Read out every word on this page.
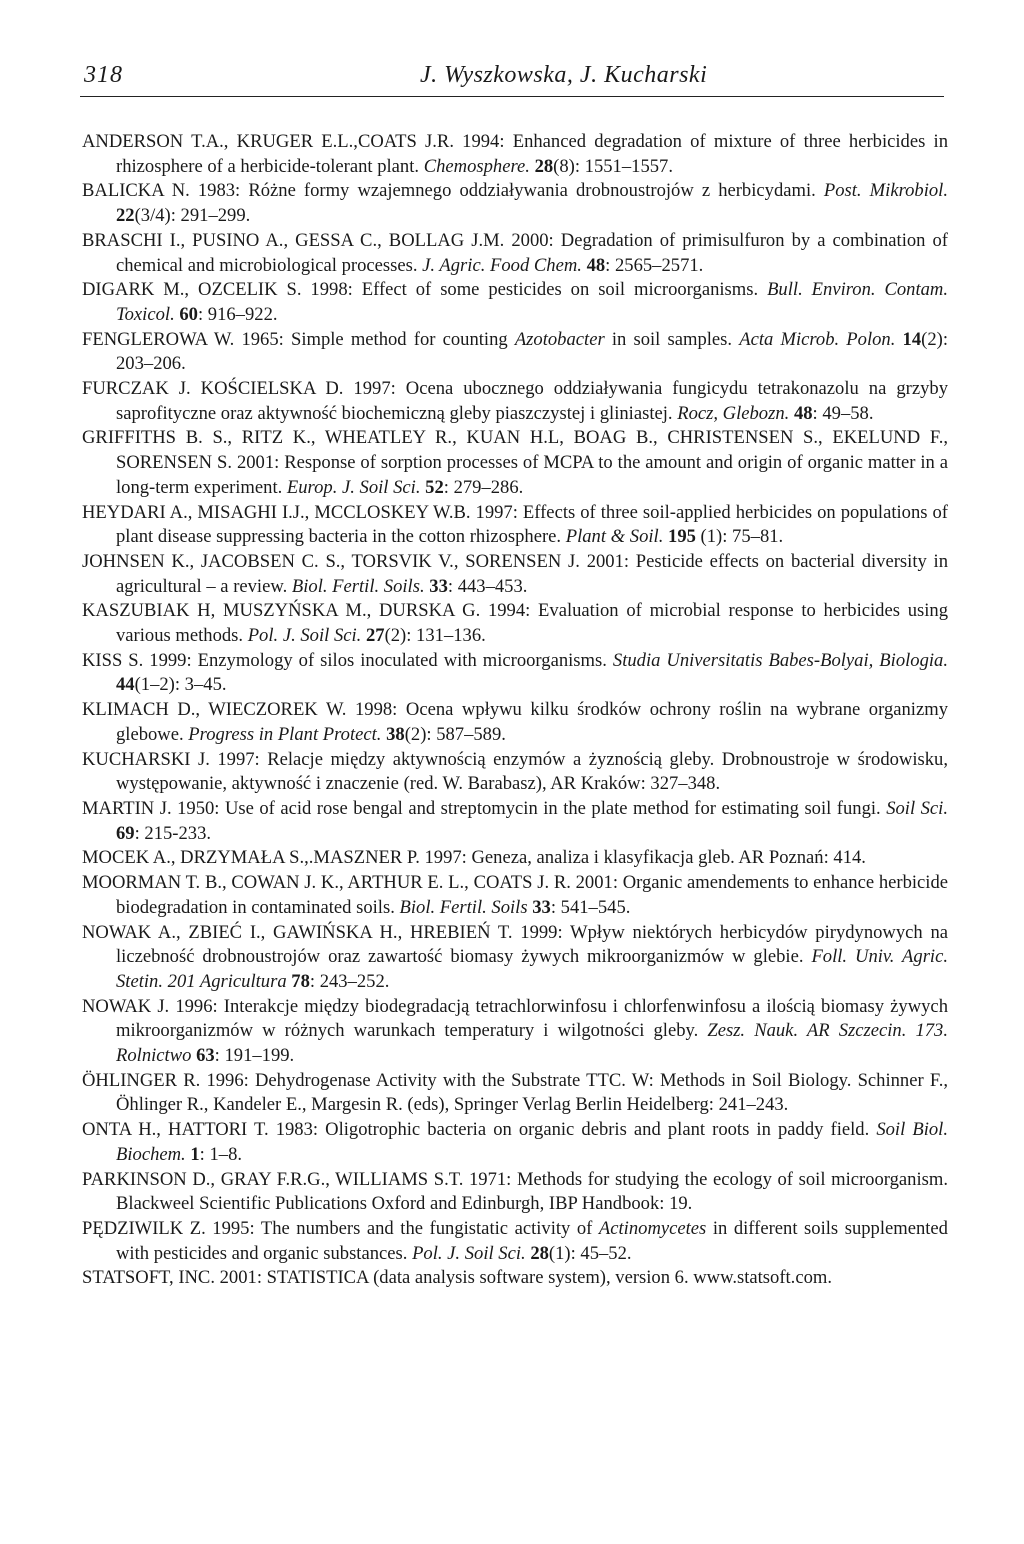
318	J. Wyszkowska, J. Kucharski
ANDERSON T.A., KRUGER E.L.,COATS J.R. 1994: Enhanced degradation of mixture of three herbicides in rhizosphere of a herbicide-tolerant plant. Chemosphere. 28(8): 1551–1557.
BALICKA N. 1983: Różne formy wzajemnego oddziaływania drobnoustrojów z herbicydami. Post. Mikrobiol. 22(3/4): 291–299.
BRASCHI I., PUSINO A., GESSA C., BOLLAG J.M. 2000: Degradation of primisulfuron by a combination of chemical and microbiological processes. J. Agric. Food Chem. 48: 2565–2571.
DIGARK M., OZCELIK S. 1998: Effect of some pesticides on soil microorganisms. Bull. Environ. Contam. Toxicol. 60: 916–922.
FENGLEROWA W. 1965: Simple method for counting Azotobacter in soil samples. Acta Microb. Polon. 14(2): 203–206.
FURCZAK J. KOŚCIELSKA D. 1997: Ocena ubocznego oddziaływania fungicydu tetrakonazolu na grzyby saprofityczne oraz aktywność biochemiczną gleby piaszczystej i gliniastej. Rocz, Glebozn. 48: 49–58.
GRIFFITHS B. S., RITZ K., WHEATLEY R., KUAN H.L, BOAG B., CHRISTENSEN S., EKELUND F., SORENSEN S. 2001: Response of sorption processes of MCPA to the amount and origin of organic matter in a long-term experiment. Europ. J. Soil Sci. 52: 279–286.
HEYDARI A., MISAGHI I.J., MCCLOSKEY W.B. 1997: Effects of three soil-applied herbicides on populations of plant disease suppressing bacteria in the cotton rhizosphere. Plant & Soil. 195 (1): 75–81.
JOHNSEN K., JACOBSEN C. S., TORSVIK V., SORENSEN J. 2001: Pesticide effects on bacterial diversity in agricultural – a review. Biol. Fertil. Soils. 33: 443–453.
KASZUBIAK H, MUSZYŃSKA M., DURSKA G. 1994: Evaluation of microbial response to herbicides using various methods. Pol. J. Soil Sci. 27(2): 131–136.
KISS S. 1999: Enzymology of silos inoculated with microorganisms. Studia Universitatis Babes-Bolyai, Biologia. 44(1–2): 3–45.
KLIMACH D., WIECZOREK W. 1998: Ocena wpływu kilku środków ochrony roślin na wybrane organizmy glebowe. Progress in Plant Protect. 38(2): 587–589.
KUCHARSKI J. 1997: Relacje między aktywnością enzymów a żyznością gleby. Drobnoustroje w środowisku, występowanie, aktywność i znaczenie (red. W. Barabasz), AR Kraków: 327–348.
MARTIN J. 1950: Use of acid rose bengal and streptomycin in the plate method for estimating soil fungi. Soil Sci. 69: 215-233.
MOCEK A., DRZYMAŁA S.,.MASZNER P. 1997: Geneza, analiza i klasyfikacja gleb. AR Poznań: 414.
MOORMAN T. B., COWAN J. K., ARTHUR E. L., COATS J. R. 2001: Organic amendements to enhance herbicide biodegradation in contaminated soils. Biol. Fertil. Soils 33: 541–545.
NOWAK A., ZBIEĆ I., GAWIŃSKA H., HREBIEŃ T. 1999: Wpływ niektórych herbicydów pirydynowych na liczebność drobnoustrojów oraz zawartość biomasy żywych mikroorganizmów w glebie. Foll. Univ. Agric. Stetin. 201 Agricultura 78: 243–252.
NOWAK J. 1996: Interakcje między biodegradacją tetrachlorwinfosu i chlorfenwinfosu a ilością biomasy żywych mikroorganizmów w różnych warunkach temperatury i wilgotności gleby. Zesz. Nauk. AR Szczecin. 173. Rolnictwo 63: 191–199.
ÖHLINGER R. 1996: Dehydrogenase Activity with the Substrate TTC. W: Methods in Soil Biology. Schinner F., Öhlinger R., Kandeler E., Margesin R. (eds), Springer Verlag Berlin Heidelberg: 241–243.
ONTA H., HATTORI T. 1983: Oligotrophic bacteria on organic debris and plant roots in paddy field. Soil Biol. Biochem. 1: 1–8.
PARKINSON D., GRAY F.R.G., WILLIAMS S.T. 1971: Methods for studying the ecology of soil microorganism. Blackweel Scientific Publications Oxford and Edinburgh, IBP Handbook: 19.
PĘDZIWILK Z. 1995: The numbers and the fungistatic activity of Actinomycetes in different soils supplemented with pesticides and organic substances. Pol. J. Soil Sci. 28(1): 45–52.
STATSOFT, INC. 2001: STATISTICA (data analysis software system), version 6. www.statsoft.com.
